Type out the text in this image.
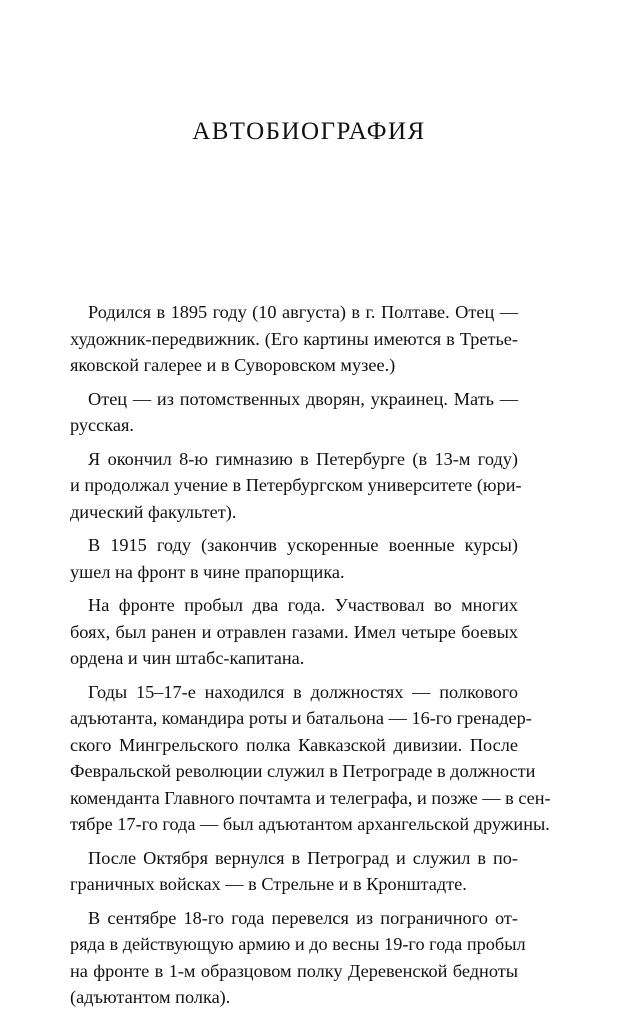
АВТОБИОГРАФИЯ

Родился в 1895 году (10 августа) в г. Полтаве. Отец —
художник-передвижник. (Его картины имеются в Третье-
яковской галерее и в Суворовском музее.)

Отец — из потомственных дворян, украинец. Мать —
русская.

Я окончил 8-ю гимназию в Петербурге (в 13-м году)
и продолжал учение в Петербургском университете (юри-
дический факультет).

В 1915 году (закончив ускоренные военные курсы)
ушел на фронт в чине прапорщика.

На фронте пробыл два года. Участвовал во многих
боях, был ранен и отравлен газами. Имел четыре боевых
ордена и чин штабс-капитана.

Годы 15–17-е находился в должностях — полкового
адъютанта, командира роты и батальона — 16-го гренадер-
ского Мингрельского полка Кавказской дивизии. После
Февральской революции служил в Петрограде в должности
коменданта Главного почтамта и телеграфа, и позже — в сен-
тябре 17-го года — был адъютантом архангельской дружины.

После Октября вернулся в Петроград и служил в по-
граничных войсках — в Стрельне и в Кронштадте.

В сентябре 18-го года перевелся из пограничного от-
ряда в действующую армию и до весны 19-го года пробыл
на фронте в 1-м образцовом полку Деревенской бедноты
(адъютантом полка).
